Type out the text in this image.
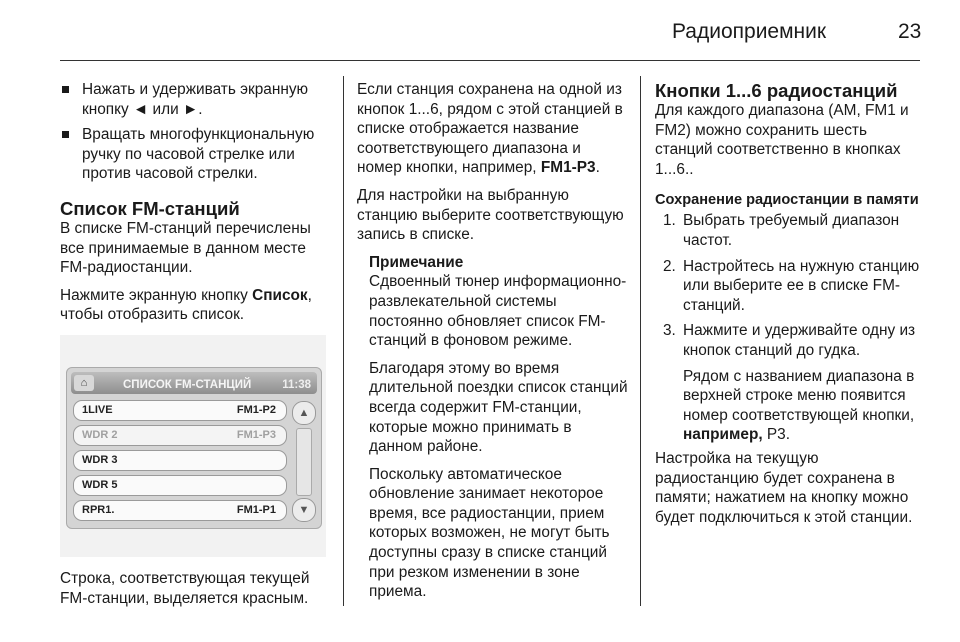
Радиоприемник	23
Нажать и удерживать экранную кнопку ◄ или ►.
Вращать многофункциональную ручку по часовой стрелке или против часовой стрелки.
Список FM-станций

В списке FM-станций перечислены все принимаемые в данном месте FM-радиостанции.

Нажмите экранную кнопку Список, чтобы отобразить список.

⌂	СПИСОК FM-СТАНЦИЙ	11:38
1LIVE	FM1-P2
WDR 2	FM1-P3
WDR 3
WDR 5
RPR1.	FM1-P1
▲
▼

Строка, соответствующая текущей FM-станции, выделяется красным.

Если станция сохранена на одной из кнопок 1...6, рядом с этой станцией в списке отображается название соответствующего диапазона и номер кнопки, например, FM1-P3.

Для настройки на выбранную станцию выберите соответствующую запись в списке.

Примечание

Сдвоенный тюнер информационно-развлекательной системы постоянно обновляет список FM-станций в фоновом режиме.

Благодаря этому во время длительной поездки список станций всегда содержит FM-станции, которые можно принимать в данном районе.

Поскольку автоматическое обновление занимает некоторое время, все радиостанции, прием которых возможен, не могут быть доступны сразу в списке станций при резком изменении в зоне приема.

Кнопки 1...6 радиостанций

Для каждого диапазона (AM, FM1 и FM2) можно сохранить шесть станций соответственно в кнопках 1...6..

Сохранение радиостанции в памяти
1. Выбрать требуемый диапазон частот.
2. Настройтесь на нужную станцию или выберите ее в списке FM-станций.
3. Нажмите и удерживайте одну из кнопок станций до гудка.

Рядом с названием диапазона в верхней строке меню появится номер соответствующей кнопки, например, P3.

Настройка на текущую радиостанцию будет сохранена в памяти; нажатием на кнопку можно будет подключиться к этой станции.
